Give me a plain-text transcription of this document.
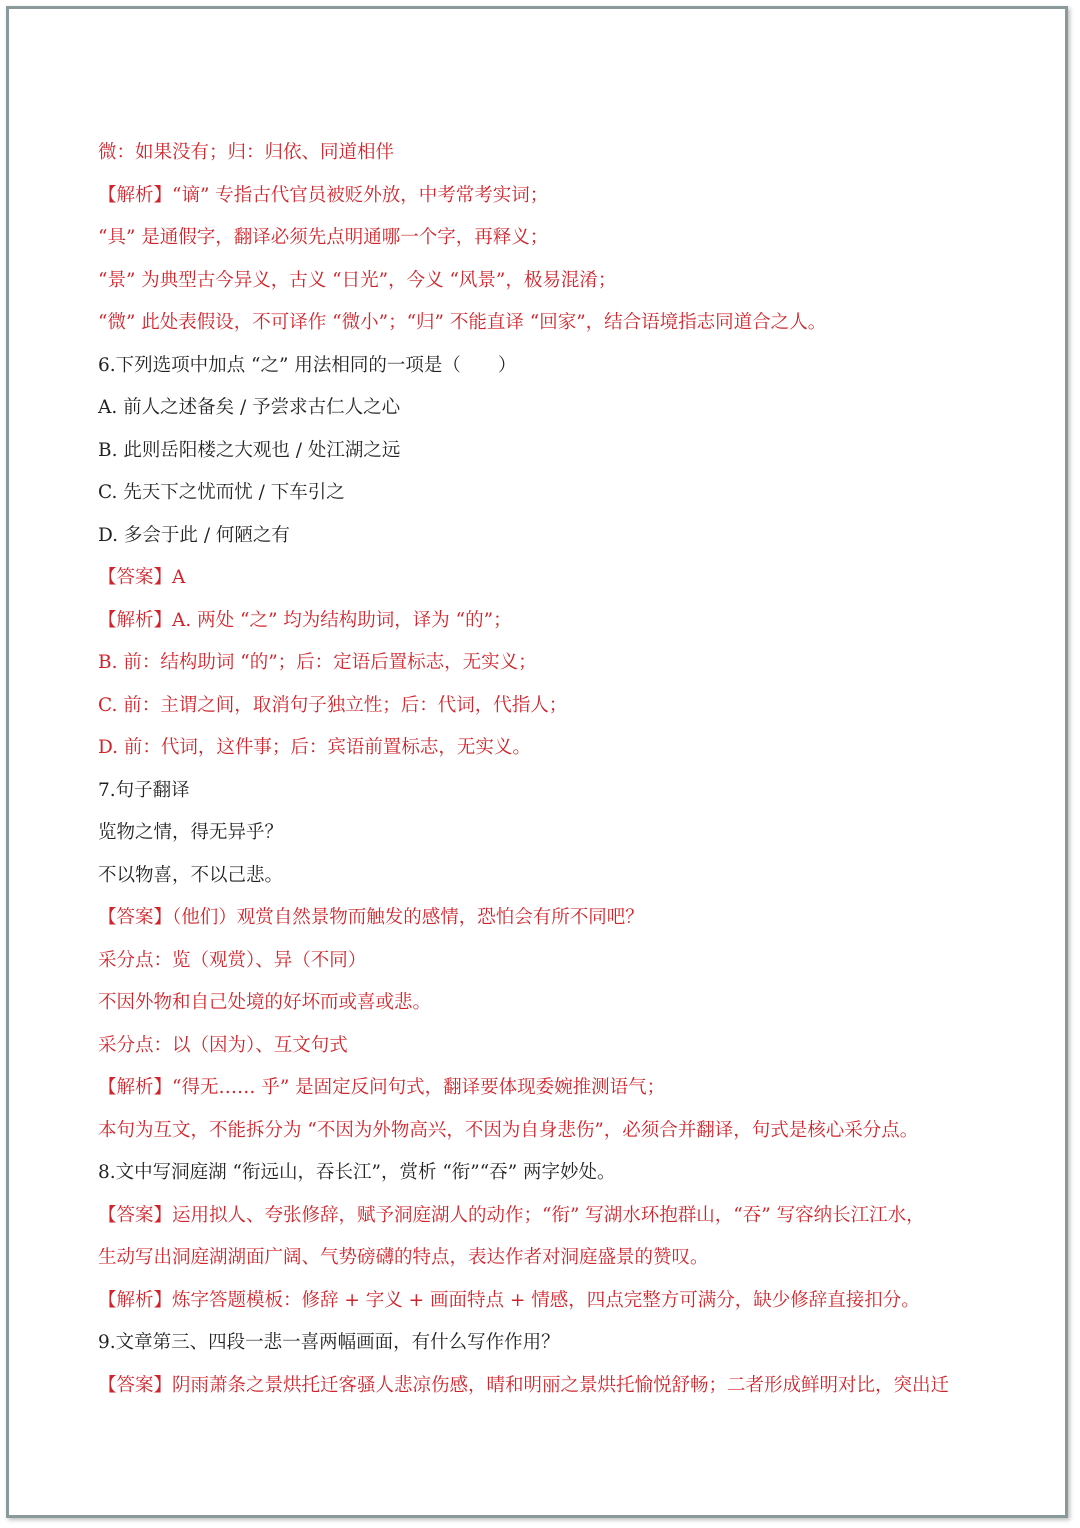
微：如果没有；归：归依、同道相伴
【解析】“谪” 专指古代官员被贬外放，中考常考实词；
“具” 是通假字，翻译必须先点明通哪一个字，再释义；
“景” 为典型古今异义，古义 “日光”，今义 “风景”，极易混淆；
“微” 此处表假设，不可译作 “微小”；“归” 不能直译 “回家”，结合语境指志同道合之人。
6.下列选项中加点 “之” 用法相同的一项是（　　）
A. 前人之述备矣 / 予尝求古仁人之心
B. 此则岳阳楼之大观也 / 处江湖之远
C. 先天下之忧而忧 / 下车引之
D. 多会于此 / 何陋之有
【答案】A
【解析】A. 两处 “之” 均为结构助词，译为 “的”；
B. 前：结构助词 “的”；后：定语后置标志，无实义；
C. 前：主谓之间，取消句子独立性；后：代词，代指人；
D. 前：代词，这件事；后：宾语前置标志，无实义。
7.句子翻译
览物之情，得无异乎？
不以物喜，不以己悲。
【答案】（他们）观赏自然景物而触发的感情，恐怕会有所不同吧？
采分点：览（观赏）、异（不同）
不因外物和自己处境的好坏而或喜或悲。
采分点：以（因为）、互文句式
【解析】“得无…… 乎” 是固定反问句式，翻译要体现委婉推测语气；
本句为互文，不能拆分为 “不因为外物高兴，不因为自身悲伤”，必须合并翻译，句式是核心采分点。
8.文中写洞庭湖 “衔远山，吞长江”，赏析 “衔”“吞” 两字妙处。
【答案】运用拟人、夸张修辞，赋予洞庭湖人的动作；“衔” 写湖水环抱群山，“吞” 写容纳长江江水，
生动写出洞庭湖湖面广阔、气势磅礴的特点，表达作者对洞庭盛景的赞叹。
【解析】炼字答题模板：修辞 + 字义 + 画面特点 + 情感，四点完整方可满分，缺少修辞直接扣分。
9.文章第三、四段一悲一喜两幅画面，有什么写作作用？
【答案】阴雨萧条之景烘托迁客骚人悲凉伤感，晴和明丽之景烘托愉悦舒畅；二者形成鲜明对比，突出迁
